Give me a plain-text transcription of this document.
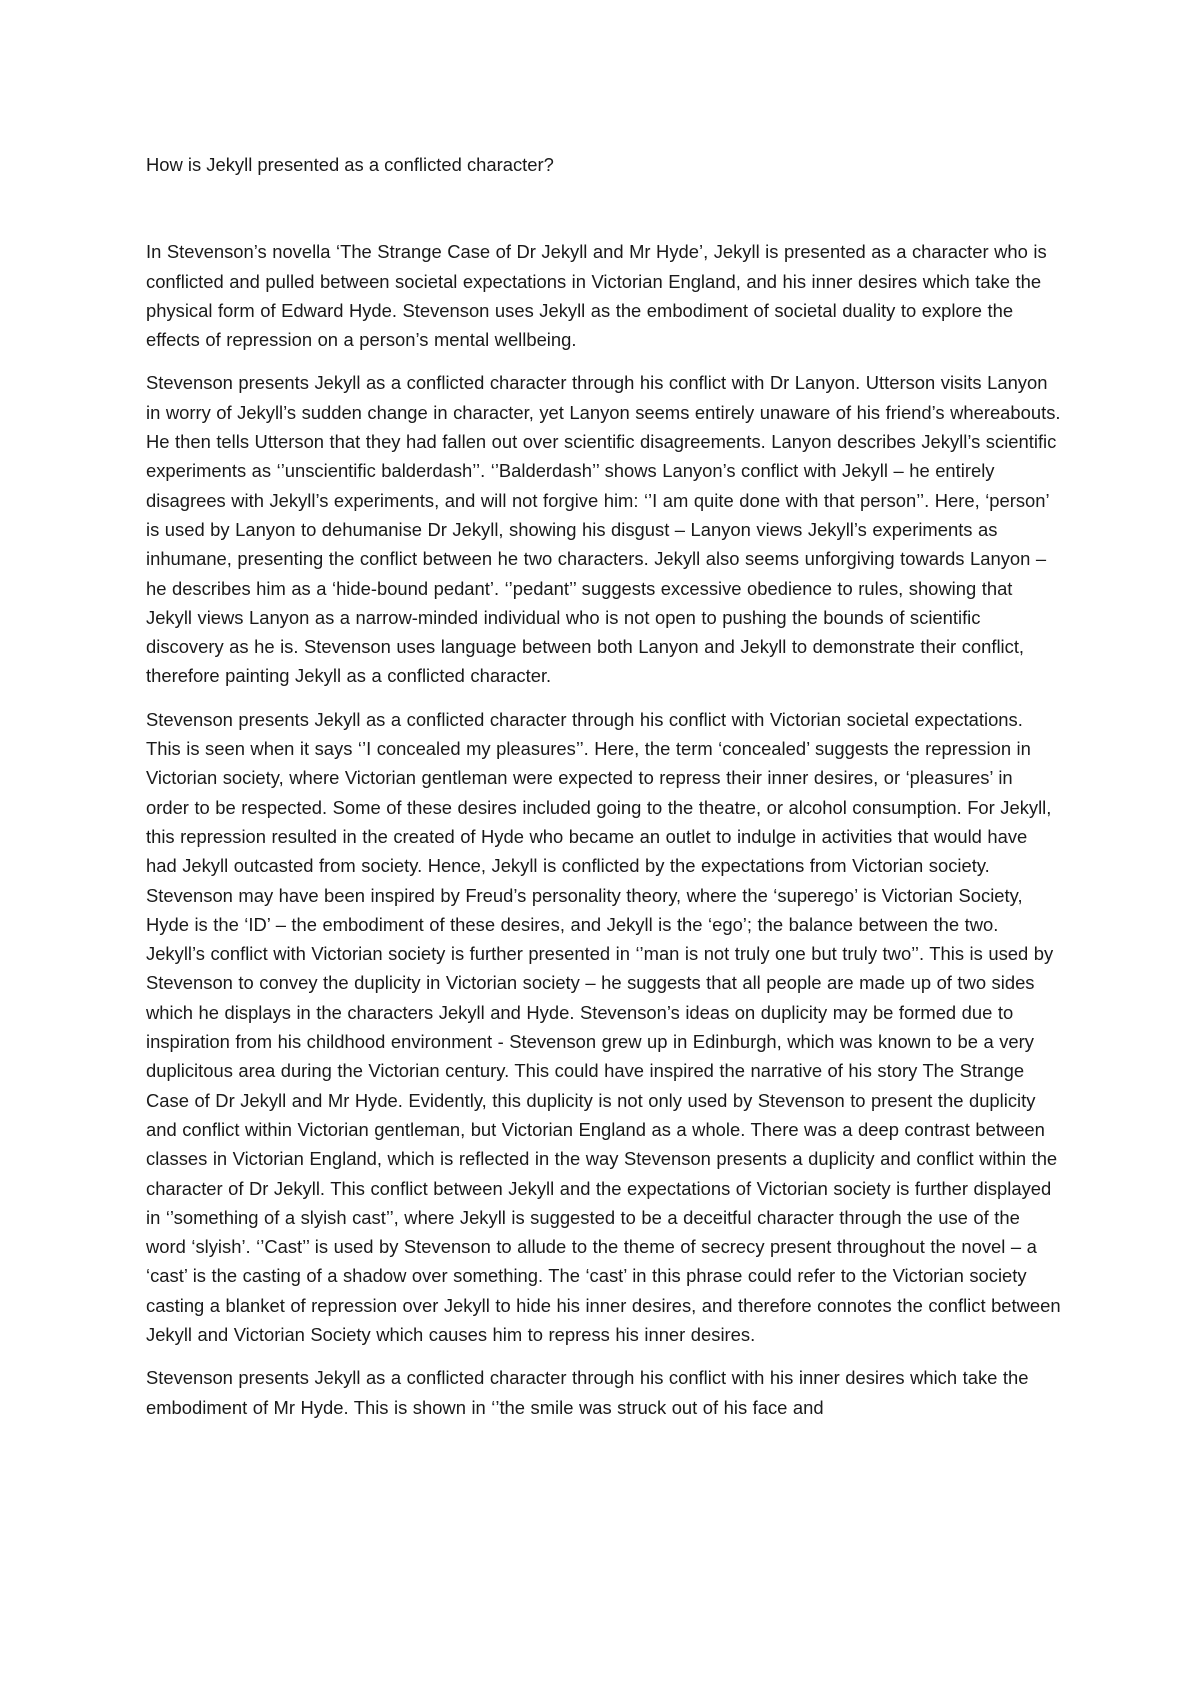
How is Jekyll presented as a conflicted character?

In Stevenson’s novella ‘The Strange Case of Dr Jekyll and Mr Hyde’, Jekyll is presented as a character who is conflicted and pulled between societal expectations in Victorian England, and his inner desires which take the physical form of Edward Hyde. Stevenson uses Jekyll as the embodiment of societal duality to explore the effects of repression on a person’s mental wellbeing.

Stevenson presents Jekyll as a conflicted character through his conflict with Dr Lanyon. Utterson visits Lanyon in worry of Jekyll’s sudden change in character, yet Lanyon seems entirely unaware of his friend’s whereabouts. He then tells Utterson that they had fallen out over scientific disagreements. Lanyon describes Jekyll’s scientific experiments as ‘’unscientific balderdash’’. ‘’Balderdash’’ shows Lanyon’s conflict with Jekyll – he entirely disagrees with Jekyll’s experiments, and will not forgive him: ‘’I am quite done with that person’’. Here, ‘person’ is used by Lanyon to dehumanise Dr Jekyll, showing his disgust – Lanyon views Jekyll’s experiments as inhumane, presenting the conflict between he two characters. Jekyll also seems unforgiving towards Lanyon – he describes him as a ‘hide-bound pedant’. ‘’pedant’’ suggests excessive obedience to rules, showing that Jekyll views Lanyon as a narrow-minded individual who is not open to pushing the bounds of scientific discovery as he is. Stevenson uses language between both Lanyon and Jekyll to demonstrate their conflict, therefore painting Jekyll as a conflicted character.

Stevenson presents Jekyll as a conflicted character through his conflict with Victorian societal expectations. This is seen when it says ‘’I concealed my pleasures’’. Here, the term ‘concealed’ suggests the repression in Victorian society, where Victorian gentleman were expected to repress their inner desires, or ‘pleasures’ in order to be respected. Some of these desires included going to the theatre, or alcohol consumption. For Jekyll, this repression resulted in the created of Hyde who became an outlet to indulge in activities that would have had Jekyll outcasted from society. Hence, Jekyll is conflicted by the expectations from Victorian society. Stevenson may have been inspired by Freud’s personality theory, where the ‘superego’ is Victorian Society, Hyde is the ‘ID’ – the embodiment of these desires, and Jekyll is the ‘ego’; the balance between the two. Jekyll’s conflict with Victorian society is further presented in ‘’man is not truly one but truly two’’. This is used by Stevenson to convey the duplicity in Victorian society – he suggests that all people are made up of two sides which he displays in the characters Jekyll and Hyde. Stevenson’s ideas on duplicity may be formed due to inspiration from his childhood environment - Stevenson grew up in Edinburgh, which was known to be a very duplicitous area during the Victorian century. This could have inspired the narrative of his story The Strange Case of Dr Jekyll and Mr Hyde. Evidently, this duplicity is not only used by Stevenson to present the duplicity and conflict within Victorian gentleman, but Victorian England as a whole. There was a deep contrast between classes in Victorian England, which is reflected in the way Stevenson presents a duplicity and conflict within the character of Dr Jekyll. This conflict between Jekyll and the expectations of Victorian society is further displayed in ‘’something of a slyish cast’’, where Jekyll is suggested to be a deceitful character through the use of the word ‘slyish’. ‘’Cast’’ is used by Stevenson to allude to the theme of secrecy present throughout the novel – a ‘cast’ is the casting of a shadow over something. The ‘cast’ in this phrase could refer to the Victorian society casting a blanket of repression over Jekyll to hide his inner desires, and therefore connotes the conflict between Jekyll and Victorian Society which causes him to repress his inner desires.

Stevenson presents Jekyll as a conflicted character through his conflict with his inner desires which take the embodiment of Mr Hyde. This is shown in ‘’the smile was struck out of his face and
